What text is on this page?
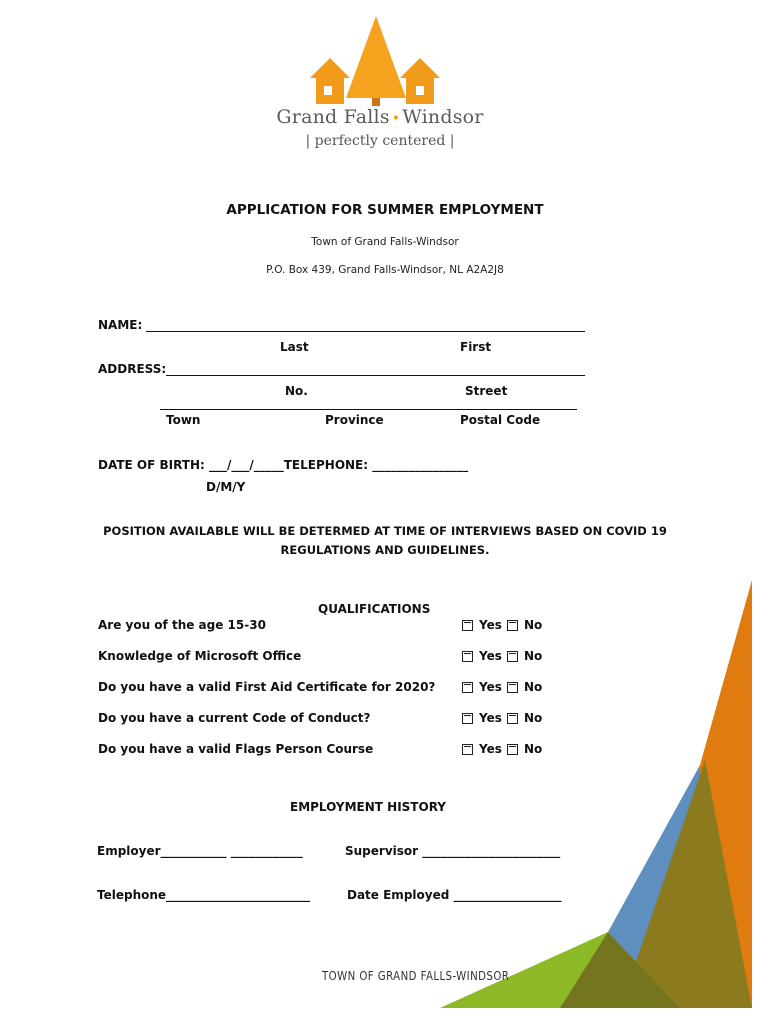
Grand Falls • Windsor
| perfectly centered |
APPLICATION FOR SUMMER EMPLOYMENT
Town of Grand Falls-Windsor
P.O. Box 439, Grand Falls-Windsor, NL A2A2J8
NAME:
Last	First
ADDRESS:
No.	Street
Town	Province	Postal Code
DATE OF BIRTH: ___/___/_____TELEPHONE: ________________
D/M/Y
POSITION AVAILABLE WILL BE DETERMED AT TIME OF INTERVIEWS BASED ON COVID 19
REGULATIONS AND GUIDELINES.
QUALIFICATIONS
Are you of the age 15-30	Yes No
Knowledge of Microsoft Office	Yes No
Do you have a valid First Aid Certificate for 2020?	Yes No
Do you have a current Code of Conduct?	Yes No
Do you have a valid Flags Person Course	Yes No
EMPLOYMENT HISTORY
Employer___________ ____________	Supervisor _______________________
Telephone________________________	Date Employed __________________
TOWN OF GRAND FALLS-WINDSOR
